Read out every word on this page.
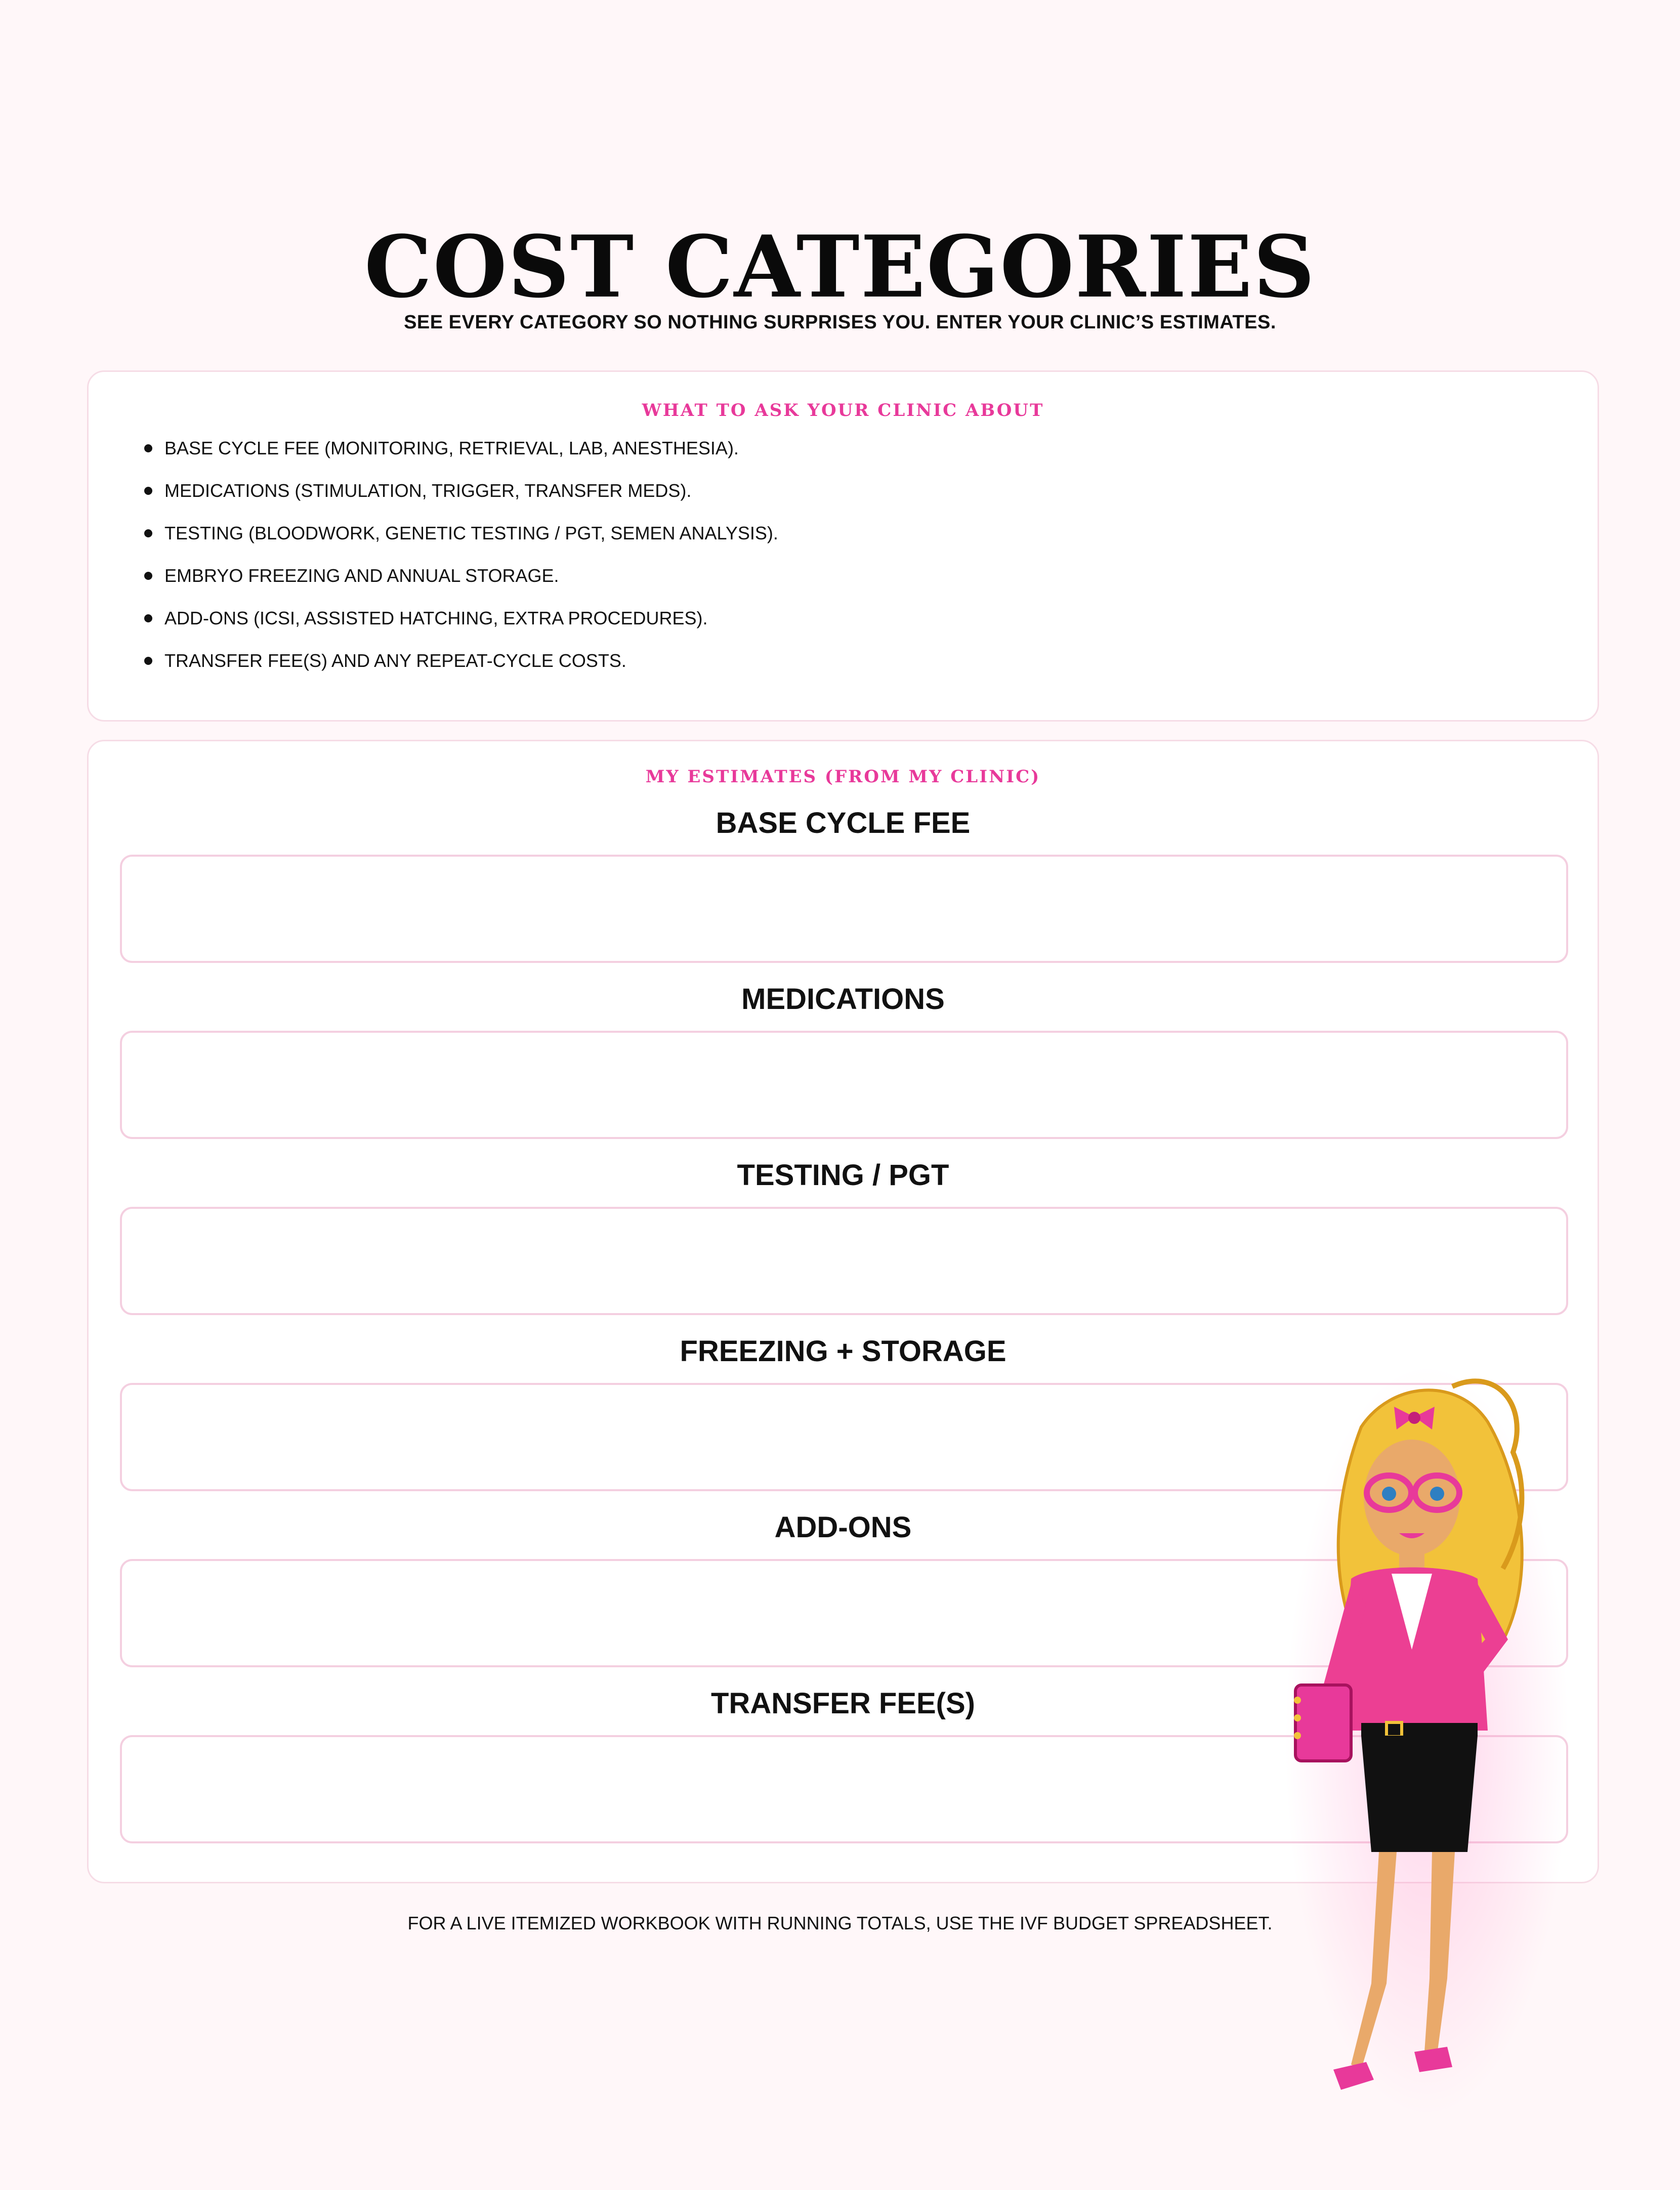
COST CATEGORIES
SEE EVERY CATEGORY SO NOTHING SURPRISES YOU. ENTER YOUR CLINIC’S ESTIMATES.
WHAT TO ASK YOUR CLINIC ABOUT
BASE CYCLE FEE (MONITORING, RETRIEVAL, LAB, ANESTHESIA).
MEDICATIONS (STIMULATION, TRIGGER, TRANSFER MEDS).
TESTING (BLOODWORK, GENETIC TESTING / PGT, SEMEN ANALYSIS).
EMBRYO FREEZING AND ANNUAL STORAGE.
ADD-ONS (ICSI, ASSISTED HATCHING, EXTRA PROCEDURES).
TRANSFER FEE(S) AND ANY REPEAT-CYCLE COSTS.
MY ESTIMATES (FROM MY CLINIC)
BASE CYCLE FEE
MEDICATIONS
TESTING / PGT
FREEZING + STORAGE
ADD-ONS
TRANSFER FEE(S)
FOR A LIVE ITEMIZED WORKBOOK WITH RUNNING TOTALS, USE THE IVF BUDGET SPREADSHEET.
